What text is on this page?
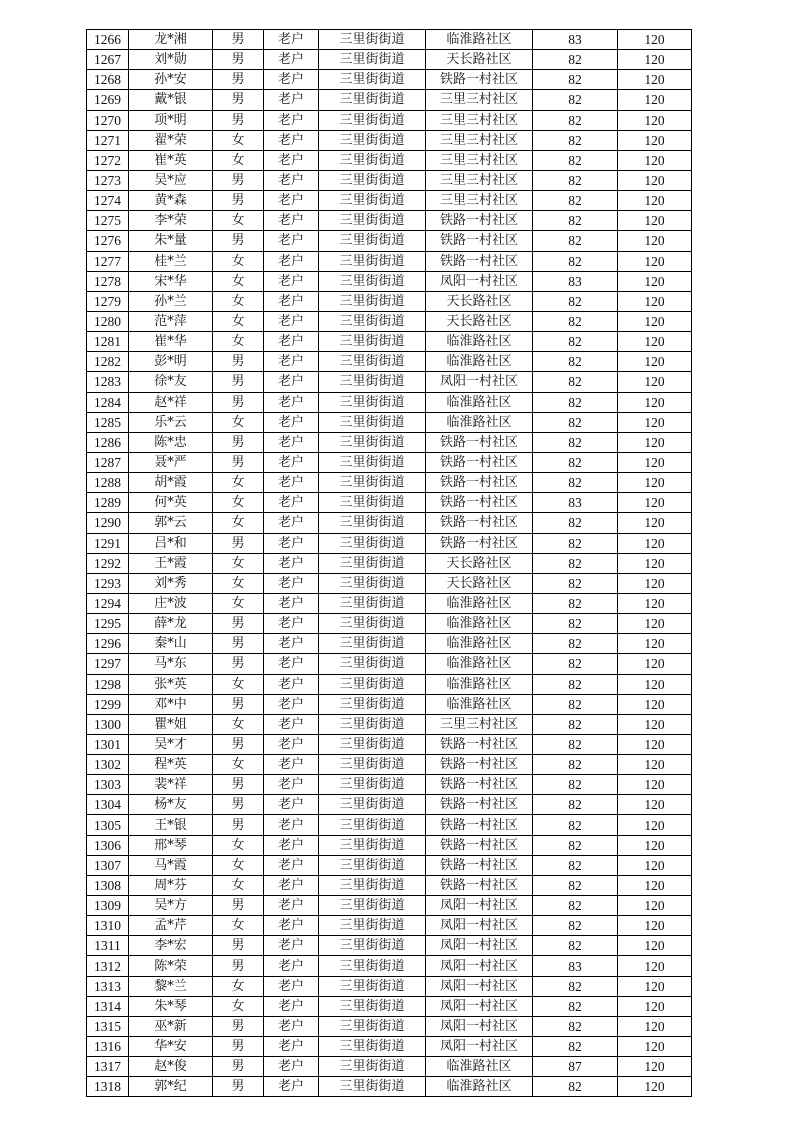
1266	龙*湘	男	老户	三里街街道	临淮路社区	83	120
1267	刘*勋	男	老户	三里街街道	天长路社区	82	120
1268	孙*安	男	老户	三里街街道	铁路一村社区	82	120
1269	戴*银	男	老户	三里街街道	三里三村社区	82	120
1270	项*明	男	老户	三里街街道	三里三村社区	82	120
1271	翟*荣	女	老户	三里街街道	三里三村社区	82	120
1272	崔*英	女	老户	三里街街道	三里三村社区	82	120
1273	吴*应	男	老户	三里街街道	三里三村社区	82	120
1274	黄*森	男	老户	三里街街道	三里三村社区	82	120
1275	李*荣	女	老户	三里街街道	铁路一村社区	82	120
1276	朱*量	男	老户	三里街街道	铁路一村社区	82	120
1277	桂*兰	女	老户	三里街街道	铁路一村社区	82	120
1278	宋*华	女	老户	三里街街道	凤阳一村社区	83	120
1279	孙*兰	女	老户	三里街街道	天长路社区	82	120
1280	范*萍	女	老户	三里街街道	天长路社区	82	120
1281	崔*华	女	老户	三里街街道	临淮路社区	82	120
1282	彭*明	男	老户	三里街街道	临淮路社区	82	120
1283	徐*友	男	老户	三里街街道	凤阳一村社区	82	120
1284	赵*祥	男	老户	三里街街道	临淮路社区	82	120
1285	乐*云	女	老户	三里街街道	临淮路社区	82	120
1286	陈*忠	男	老户	三里街街道	铁路一村社区	82	120
1287	聂*严	男	老户	三里街街道	铁路一村社区	82	120
1288	胡*霞	女	老户	三里街街道	铁路一村社区	82	120
1289	何*英	女	老户	三里街街道	铁路一村社区	83	120
1290	郭*云	女	老户	三里街街道	铁路一村社区	82	120
1291	吕*和	男	老户	三里街街道	铁路一村社区	82	120
1292	王*霞	女	老户	三里街街道	天长路社区	82	120
1293	刘*秀	女	老户	三里街街道	天长路社区	82	120
1294	庄*波	女	老户	三里街街道	临淮路社区	82	120
1295	薛*龙	男	老户	三里街街道	临淮路社区	82	120
1296	秦*山	男	老户	三里街街道	临淮路社区	82	120
1297	马*东	男	老户	三里街街道	临淮路社区	82	120
1298	张*英	女	老户	三里街街道	临淮路社区	82	120
1299	邓*中	男	老户	三里街街道	临淮路社区	82	120
1300	瞿*姐	女	老户	三里街街道	三里三村社区	82	120
1301	吴*才	男	老户	三里街街道	铁路一村社区	82	120
1302	程*英	女	老户	三里街街道	铁路一村社区	82	120
1303	裴*祥	男	老户	三里街街道	铁路一村社区	82	120
1304	杨*友	男	老户	三里街街道	铁路一村社区	82	120
1305	王*银	男	老户	三里街街道	铁路一村社区	82	120
1306	邢*琴	女	老户	三里街街道	铁路一村社区	82	120
1307	马*霞	女	老户	三里街街道	铁路一村社区	82	120
1308	周*芬	女	老户	三里街街道	铁路一村社区	82	120
1309	吴*方	男	老户	三里街街道	凤阳一村社区	82	120
1310	孟*芹	女	老户	三里街街道	凤阳一村社区	82	120
1311	李*宏	男	老户	三里街街道	凤阳一村社区	82	120
1312	陈*荣	男	老户	三里街街道	凤阳一村社区	83	120
1313	黎*兰	女	老户	三里街街道	凤阳一村社区	82	120
1314	朱*琴	女	老户	三里街街道	凤阳一村社区	82	120
1315	巫*新	男	老户	三里街街道	凤阳一村社区	82	120
1316	华*安	男	老户	三里街街道	凤阳一村社区	82	120
1317	赵*俊	男	老户	三里街街道	临淮路社区	87	120
1318	郭*纪	男	老户	三里街街道	临淮路社区	82	120
